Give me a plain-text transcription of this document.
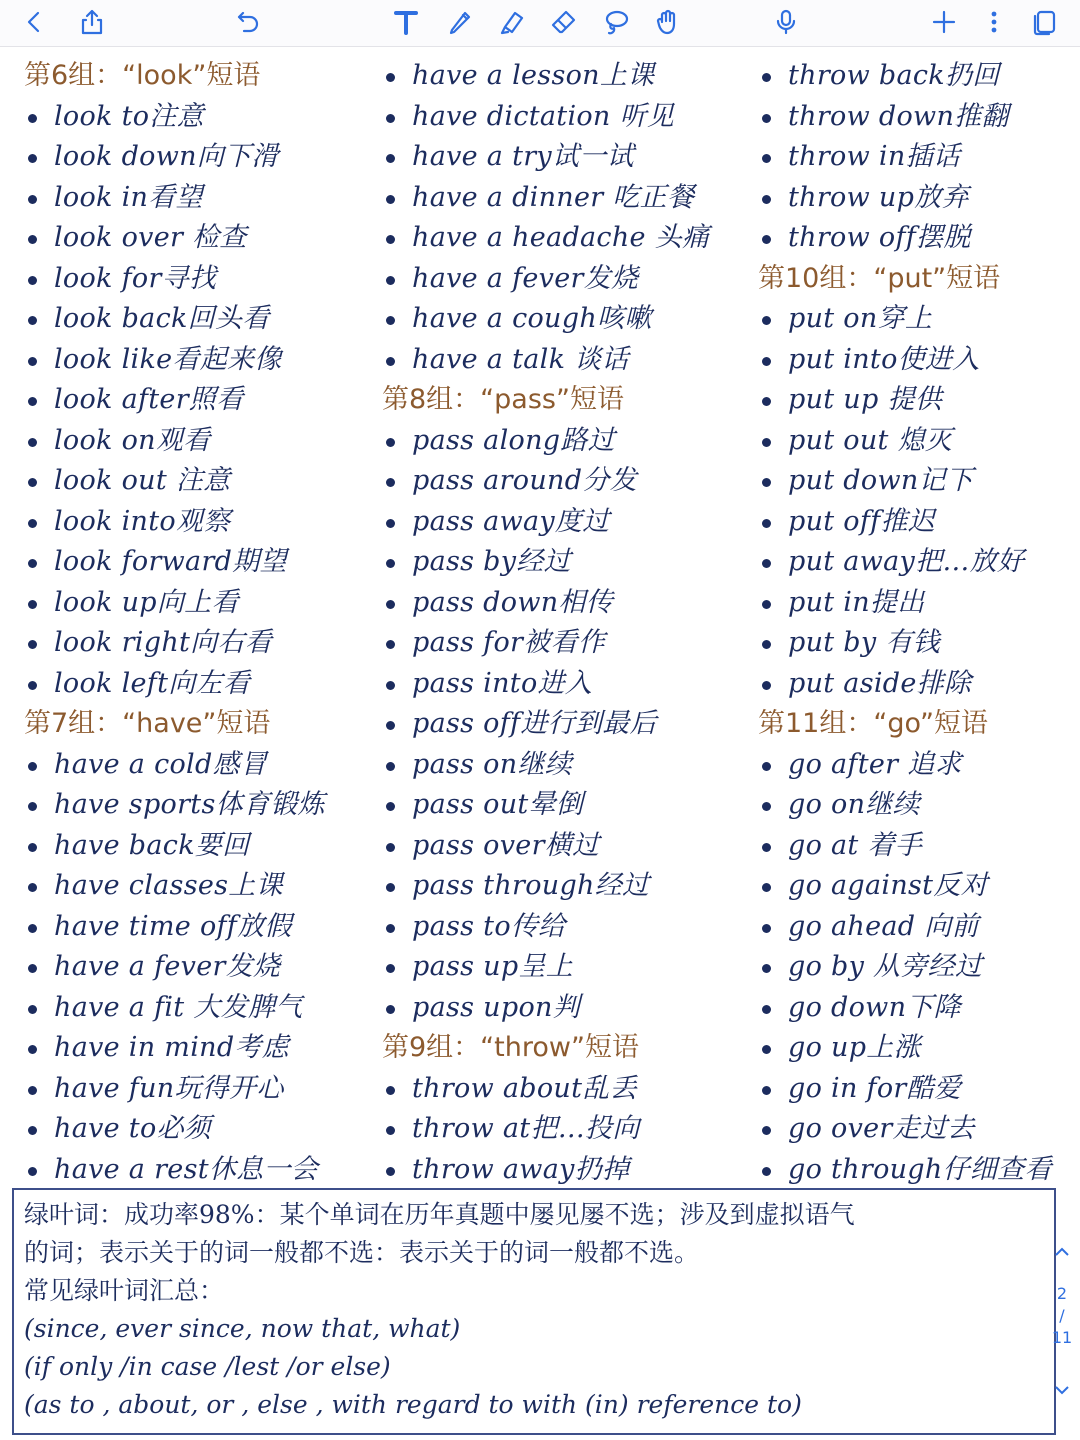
第6组：“look”短语
look to注意
look down向下滑
look in看望
look over 检查
look for寻找
look back回头看
look like看起来像
look after照看
look on观看
look out 注意
look into观察
look forward期望
look up向上看
look right向右看
look left向左看
第7组：“have”短语
have a cold感冒
have sports体育锻炼
have back要回
have classes上课
have time off放假
have a fever发烧
have a fit 大发脾气
have in mind考虑
have fun玩得开心
have to必须
have a rest休息一会
have a lesson上课
have dictation 听见
have a try试一试
have a dinner 吃正餐
have a headache 头痛
have a fever发烧
have a cough咳嗽
have a talk 谈话
第8组：“pass”短语
pass along路过
pass around分发
pass away度过
pass by经过
pass down相传
pass for被看作
pass into进入
pass off进行到最后
pass on继续
pass out晕倒
pass over横过
pass through经过
pass to传给
pass up呈上
pass upon判
第9组：“throw”短语
throw about乱丢
throw at把…投向
throw away扔掉
throw back扔回
throw down推翻
throw in插话
throw up放弃
throw off摆脱
第10组：“put”短语
put on穿上
put into使进入
put up 提供
put out 熄灭
put down记下
put off推迟
put away把…放好
put in提出
put by 有钱
put aside排除
第11组：“go”短语
go after 追求
go on继续
go at 着手
go against反对
go ahead 向前
go by 从旁经过
go down下降
go up上涨
go in for酷爱
go over走过去
go through仔细查看
绿叶词：成功率98%：某个单词在历年真题中屡见屡不选；涉及到虚拟语气
的词；表示关于的词一般都不选：表示关于的词一般都不选。
常见绿叶词汇总：
(since, ever since, now that, what)
(if only /in case /lest /or else)
(as to , about, or , else , with regard to with (in) reference to)
2
/
11
